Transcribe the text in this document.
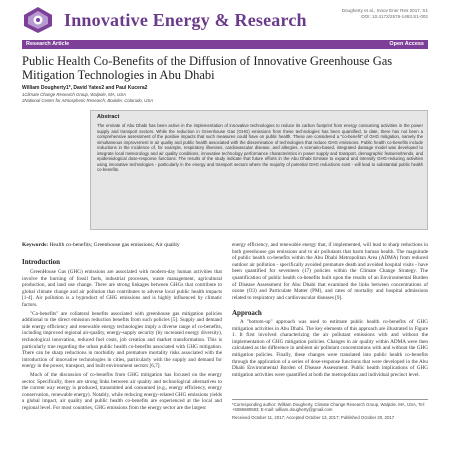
Innovative Energy & Research	Dougherty et al., Innov Ener Res 2017, S1
DOI: 10.4172/2576-1463.S1-002
Research Article	Open Access
Public Health Co-Benefits of the Diffusion of Innovative Greenhouse Gas Mitigation Technologies in Abu Dhabi
William Dougherty1*, David Yates2 and Paul Kucera2
1Climate Change Research Group, Walpole, MA, USA
2National Center for Atmospheric Research, Boulder, Colorado, USA
Abstract
The emirate of Abu Dhabi has been active in the implementation of innovative technologies to reduce its carbon footprint from energy consuming activities in the power supply and transport sectors. While the reduction in Greenhouse Gas (GHG) emissions from these technologies has been quantified, to date, there has not been a comprehensive assessment of the positive impacts that such measures could have on public health. These are considered a "co-benefit" of GHG mitigation, namely the simultaneous improvement in air quality and public health associated with the dissemination of technologies that reduce GHG emissions. Public health co-benefits include reductions in the incidence of, for example, respiratory illnesses, cardiovascular disease, and allergies. A scenario-based, integrated damage model was developed to integrate local meteorology and air quality conditions, innovative technology performance characteristics in power supply and transport, demographic features/trends, and epidemiological dose-response functions. The results of the study indicate that future efforts in the Abu Dhabi Emirate to expand and intensify GHG-reducing activities using innovative technologies - particularly in the energy and transport sectors where the majority of potential GHG reductions exist - will lead to substantial public health co-benefits.
Keywords: Health co-benefits; Greenhouse gas emissions; Air quality
Introduction

GreenHouse Gas (GHG) emissions are associated with modern-day human activities that involve the burning of fossil fuels, industrial processes, waste management, agricultural production, and land use change. There are strong linkages between GHGs that contribute to global climate change and air pollution that contributes to adverse local public health impacts [1-4]. Air pollution is a byproduct of GHG emissions and is highly influenced by climatic factors.

"Co-benefits" are collateral benefits associated with greenhouse gas mitigation policies additional to the direct emission reduction benefits from such policies [5]. Supply and demand side energy efficiency and renewable energy technologies imply a diverse range of co-benefits, including improved regional air-quality, energy-supply security (by increased energy diversity), technological innovation, reduced fuel costs, job creation and market transformation. This is particularly true regarding the urban public health co-benefits associated with GHG mitigation. There can be sharp reductions in morbidity and premature mortality risks associated with the introduction of innovative technologies in cities, particularly with the supply and demand for energy in the power, transport, and built environment sectors [6,7].

Much of the discussion of co-benefits from GHG mitigation has focused on the energy sector. Specifically, there are strong links between air quality and technological alternatives to the current way energy is produced, transmitted and consumed (e.g., energy efficiency, energy conservation, renewable energy). Notably, while reducing energy-related GHG emissions yields a global impact, air quality and public health co-benefits are experienced at the local and regional level. For most countries, GHG emissions from the energy sector are the largest

energy efficiency, and renewable energy that, if implemented, will lead to sharp reductions in both greenhouse gas emissions and to air pollutants that harm human health. The magnitude of public health co-benefits within the Abu Dhabi Metropolitan Area (ADMA) from reduced outdoor air pollution - specifically avoided premature death and avoided hospital visits - have been quantified for seventeen (17) policies within the Climate Change Strategy. The quantification of public health co-benefits built upon the results of an Environmental Burden of Disease Assessment for Abu Dhabi that examined the links between concentrations of ozone (O3) and Particulate Matter (PM), and rates of mortality and hospital admissions related to respiratory and cardiovascular diseases [9].

Approach

A "bottom-up" approach was used to estimate public health co-benefits of GHG mitigation activities in Abu Dhabi. The key elements of this approach are illustrated in Figure 1. It first involved characterizing the air pollutant emissions with and without the implementation of GHG mitigation policies. Changes in air quality within ADMA were then calculated as the difference in ambient air pollutant concentrations with and without the GHG mitigation policies. Finally, these changes were translated into public health co-benefits through the application of a series of dose-response functions that were developed in the Abu Dhabi Environmental Burden of Disease Assessment. Public health implications of GHG mitigation activities were quantified at both the metropolitan and individual precinct level.

*Corresponding author: William Dougherty, Climate Change Research Group, Walpole, MA, USA, Tel: +5086680583; E-mail: william.dougherty@gmail.com
Received October 11, 2017; Accepted October 13, 2017; Published October 20, 2017
